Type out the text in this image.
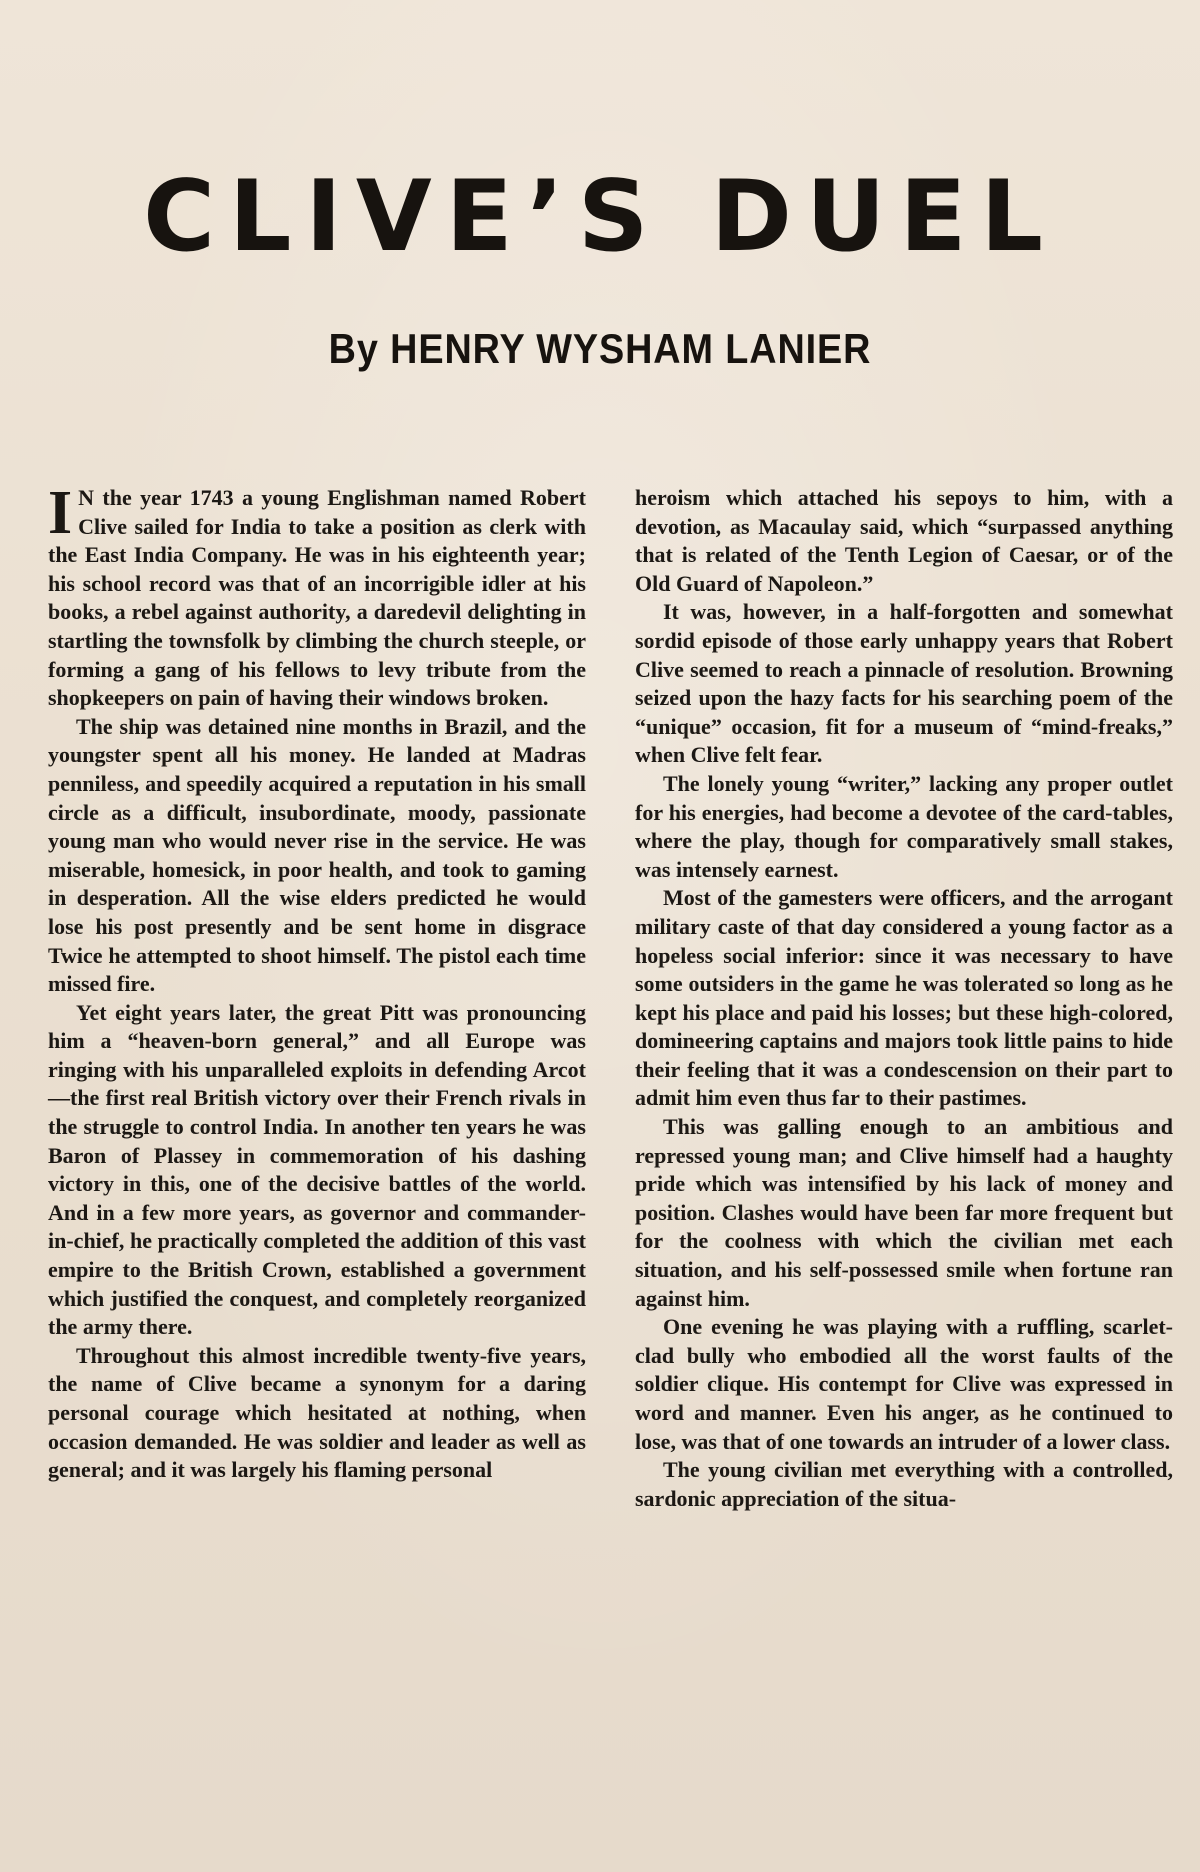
CLIVE’S DUEL
By HENRY WYSHAM LANIER

I N the year 1743 a young Englishman named Robert Clive sailed for India to take a position as clerk with the East India Company. He was in his eighteenth year; his school record was that of an incorrigible idler at his books, a rebel against authority, a daredevil delighting in startling the townsfolk by climbing the church steeple, or forming a gang of his fellows to levy tribute from the shopkeepers on pain of having their windows broken.

The ship was detained nine months in Brazil, and the youngster spent all his money. He landed at Madras penniless, and speedily acquired a reputation in his small circle as a difficult, insubordinate, moody, passionate young man who would never rise in the service. He was miserable, homesick, in poor health, and took to gaming in desperation. All the wise elders predicted he would lose his post presently and be sent home in disgrace Twice he attempted to shoot himself. The pistol each time missed fire.

Yet eight years later, the great Pitt was pronouncing him a “heaven-born general,” and all Europe was ringing with his unparalleled exploits in defending Arcot—the first real British victory over their French rivals in the struggle to control India. In another ten years he was Baron of Plassey in commemoration of his dashing victory in this, one of the decisive battles of the world. And in a few more years, as governor and commander-in-chief, he practically completed the addition of this vast empire to the British Crown, established a government which justified the conquest, and completely reorganized the army there.

Throughout this almost incredible twenty-five years, the name of Clive became a synonym for a daring personal courage which hesitated at nothing, when occasion demanded. He was soldier and leader as well as general; and it was largely his flaming personal

heroism which attached his sepoys to him, with a devotion, as Macaulay said, which “surpassed anything that is related of the Tenth Legion of Caesar, or of the Old Guard of Napoleon.”

It was, however, in a half-forgotten and somewhat sordid episode of those early unhappy years that Robert Clive seemed to reach a pinnacle of resolution. Browning seized upon the hazy facts for his searching poem of the “unique” occasion, fit for a museum of “mind-freaks,” when Clive felt fear.

The lonely young “writer,” lacking any proper outlet for his energies, had become a devotee of the card-tables, where the play, though for comparatively small stakes, was intensely earnest.

Most of the gamesters were officers, and the arrogant military caste of that day considered a young factor as a hopeless social inferior: since it was necessary to have some outsiders in the game he was tolerated so long as he kept his place and paid his losses; but these high-colored, domineering captains and majors took little pains to hide their feeling that it was a condescension on their part to admit him even thus far to their pastimes.

This was galling enough to an ambitious and repressed young man; and Clive himself had a haughty pride which was intensified by his lack of money and position. Clashes would have been far more frequent but for the coolness with which the civilian met each situation, and his self-possessed smile when fortune ran against him.

One evening he was playing with a ruffling, scarlet-clad bully who embodied all the worst faults of the soldier clique. His contempt for Clive was expressed in word and manner. Even his anger, as he continued to lose, was that of one towards an intruder of a lower class.

The young civilian met everything with a controlled, sardonic appreciation of the situa-
